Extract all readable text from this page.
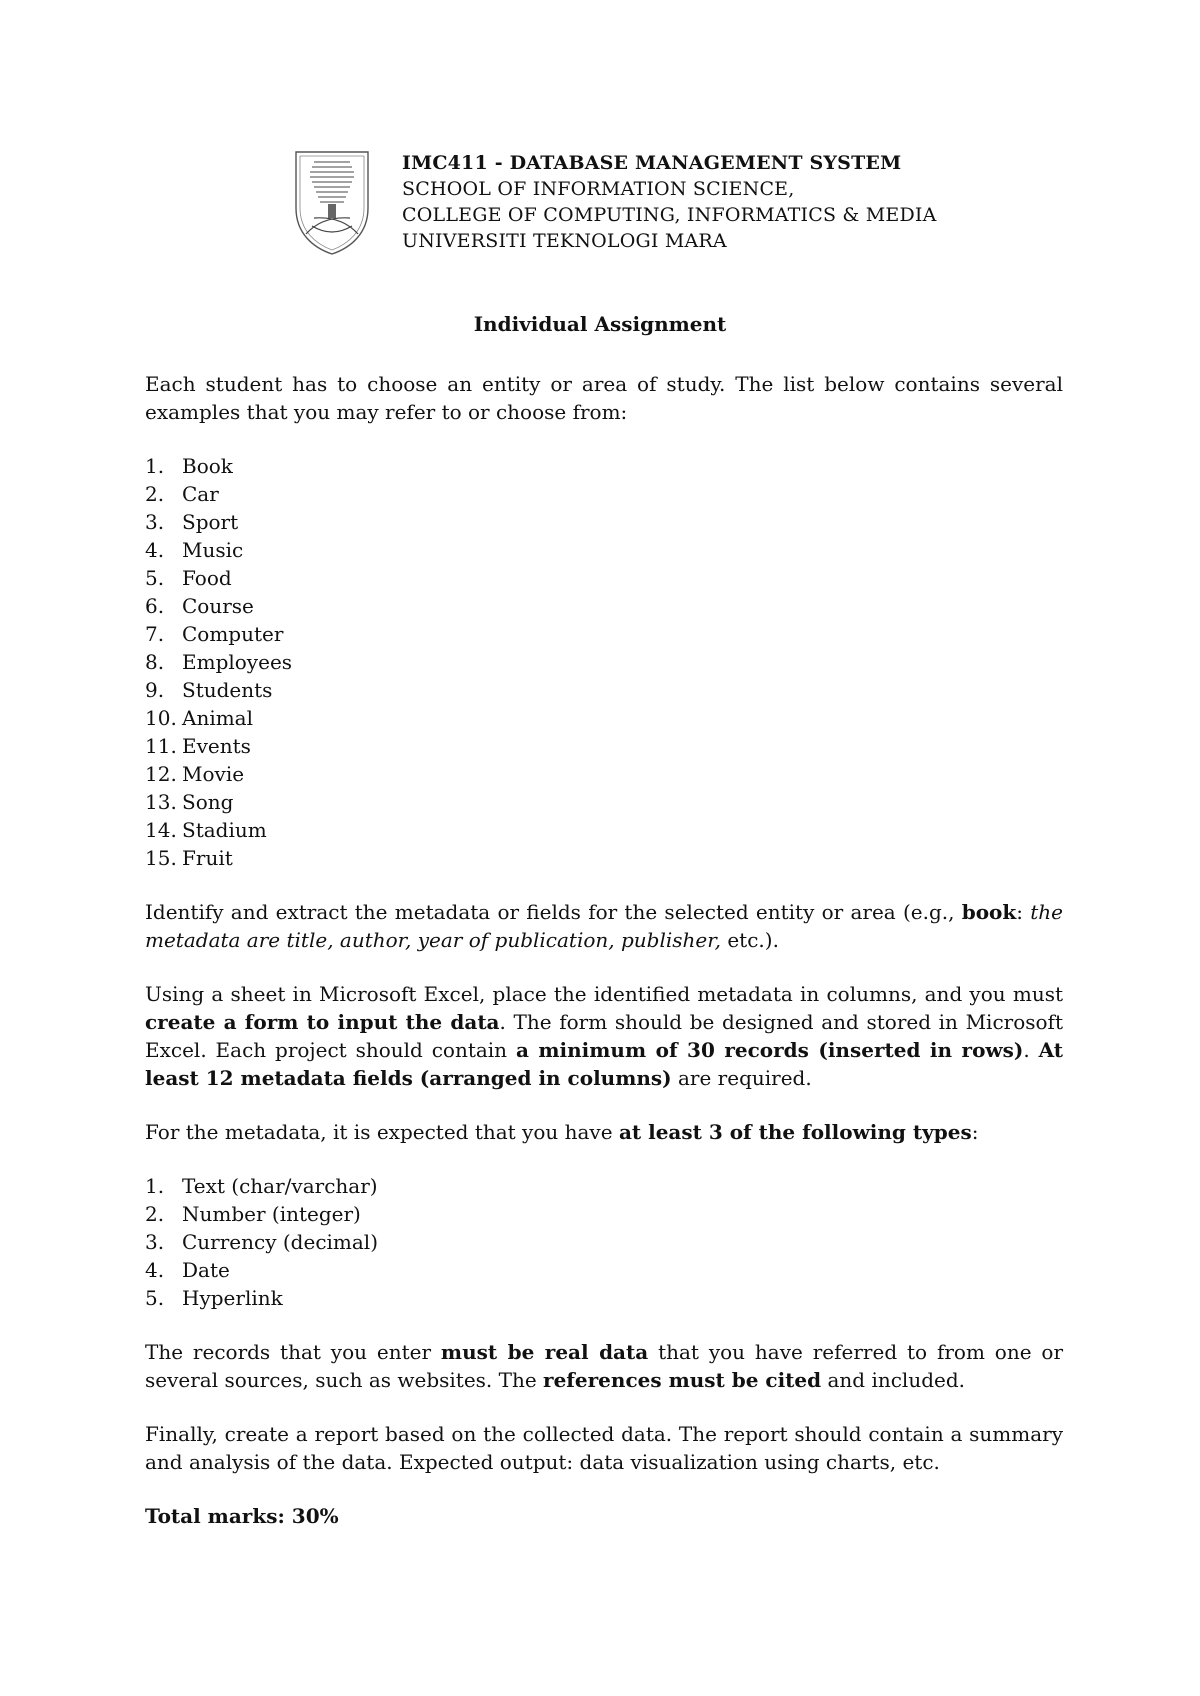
IMC411 - DATABASE MANAGEMENT SYSTEM
SCHOOL OF INFORMATION SCIENCE,
COLLEGE OF COMPUTING, INFORMATICS & MEDIA
UNIVERSITI TEKNOLOGI MARA
Individual Assignment

Each student has to choose an entity or area of study. The list below contains several examples that you may refer to or choose from:

1. Book
2. Car
3. Sport
4. Music
5. Food
6. Course
7. Computer
8. Employees
9. Students
10. Animal
11. Events
12. Movie
13. Song
14. Stadium
15. Fruit

Identify and extract the metadata or fields for the selected entity or area (e.g., book: the metadata are title, author, year of publication, publisher, etc.).

Using a sheet in Microsoft Excel, place the identified metadata in columns, and you must create a form to input the data. The form should be designed and stored in Microsoft Excel. Each project should contain a minimum of 30 records (inserted in rows). At least 12 metadata fields (arranged in columns) are required.

For the metadata, it is expected that you have at least 3 of the following types:

1. Text (char/varchar)
2. Number (integer)
3. Currency (decimal)
4. Date
5. Hyperlink

The records that you enter must be real data that you have referred to from one or several sources, such as websites. The references must be cited and included.

Finally, create a report based on the collected data. The report should contain a summary and analysis of the data. Expected output: data visualization using charts, etc.

Total marks: 30%
